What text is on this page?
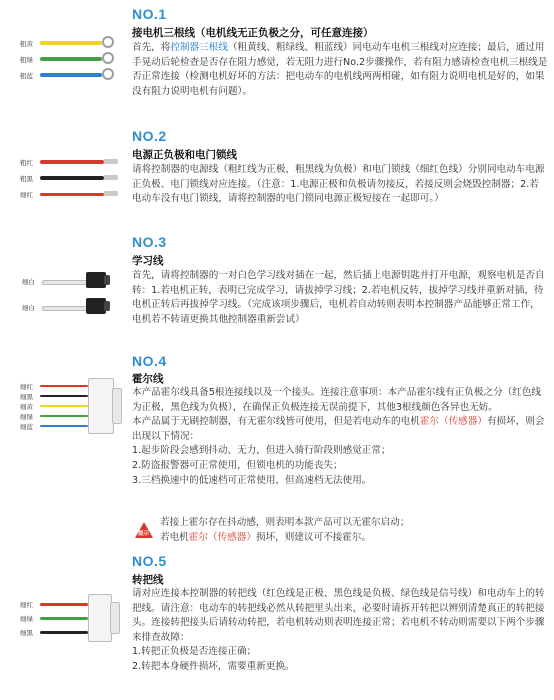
粗黄
粗绿
粗蓝
NO.1
接电机三根线（电机线无正负极之分，可任意连接）

首先，将控制器三根线（粗黄线、粗绿线、粗蓝线）同电动车电机三根线对应连接；最后，通过用手晃动后轮检查是否存在阻力感觉，若无阻力进行No.2步骤操作，若有阻力感请检查电机三根线是否正常连接（检测电机好坏的方法：把电动车的电机线两两相碰，如有阻力说明电机是好的，如果没有阻力说明电机有问题）。

粗红
粗黑
细红
NO.2
电源正负极和电门锁线

请将控制器的电源线（粗红线为正极，粗黑线为负极）和电门锁线（细红色线）分别同电动车电源正负极、电门锁线对应连接。（注意：1.电源正极和负极请勿接反，若接反则会烧毁控制器；2.若电动车没有电门锁线，请将控制器的电门锁同电源正极短接在一起即可。）

细白
细白
NO.3
学习线

首先，请将控制器的一对白色学习线对插在一起，然后插上电源钥匙并打开电源，观察电机是否自转：1.若电机正转，表明已完成学习，请拔掉学习线；2.若电机反转，拔掉学习线并重新对插，待电机正转后再拔掉学习线。（完成该项步骤后，电机若自动转则表明本控制器产品能够正常工作，电机若不转请更换其他控制器重新尝试）

细红
细黑
细黄
细绿
细蓝
NO.4
霍尔线

本产品霍尔线具备5根连接线以及一个接头。连接注意事项：本产品霍尔线有正负极之分（红色线为正极，黑色线为负极），在确保正负极连接无误前提下，其他3根线颜色各异也无妨。

本产品属于无刷控制器，有无霍尔线皆可使用，但是若电动车的电机霍尔（传感器）有损坏，则会出现以下情况：

1.起步阶段会感到抖动、无力，但进入骑行阶段则感觉正常；

2.防盗报警器可正常使用，但锁电机的功能丧失；

3.三档换速中的低速档可正常使用，但高速档无法使用。

提示

若接上霍尔存在抖动感，则表明本款产品可以无霍尔启动；

若电机霍尔（传感器）损坏，则建议可不接霍尔。

细红
细绿
细黑
NO.5
转把线

请对应连接本控制器的转把线（红色线是正极、黑色线是负极、绿色线是信号线）和电动车上的转把线。请注意：电动车的转把线必然从转把里头出来，必要时请拆开转把以辨别清楚真正的转把接头。连接转把接头后请转动转把，若电机转动则表明连接正常；若电机不转动则需要以下两个步骤来排查故障：

1.转把正负极是否连接正确；

2.转把本身硬件损坏，需要重新更换。
